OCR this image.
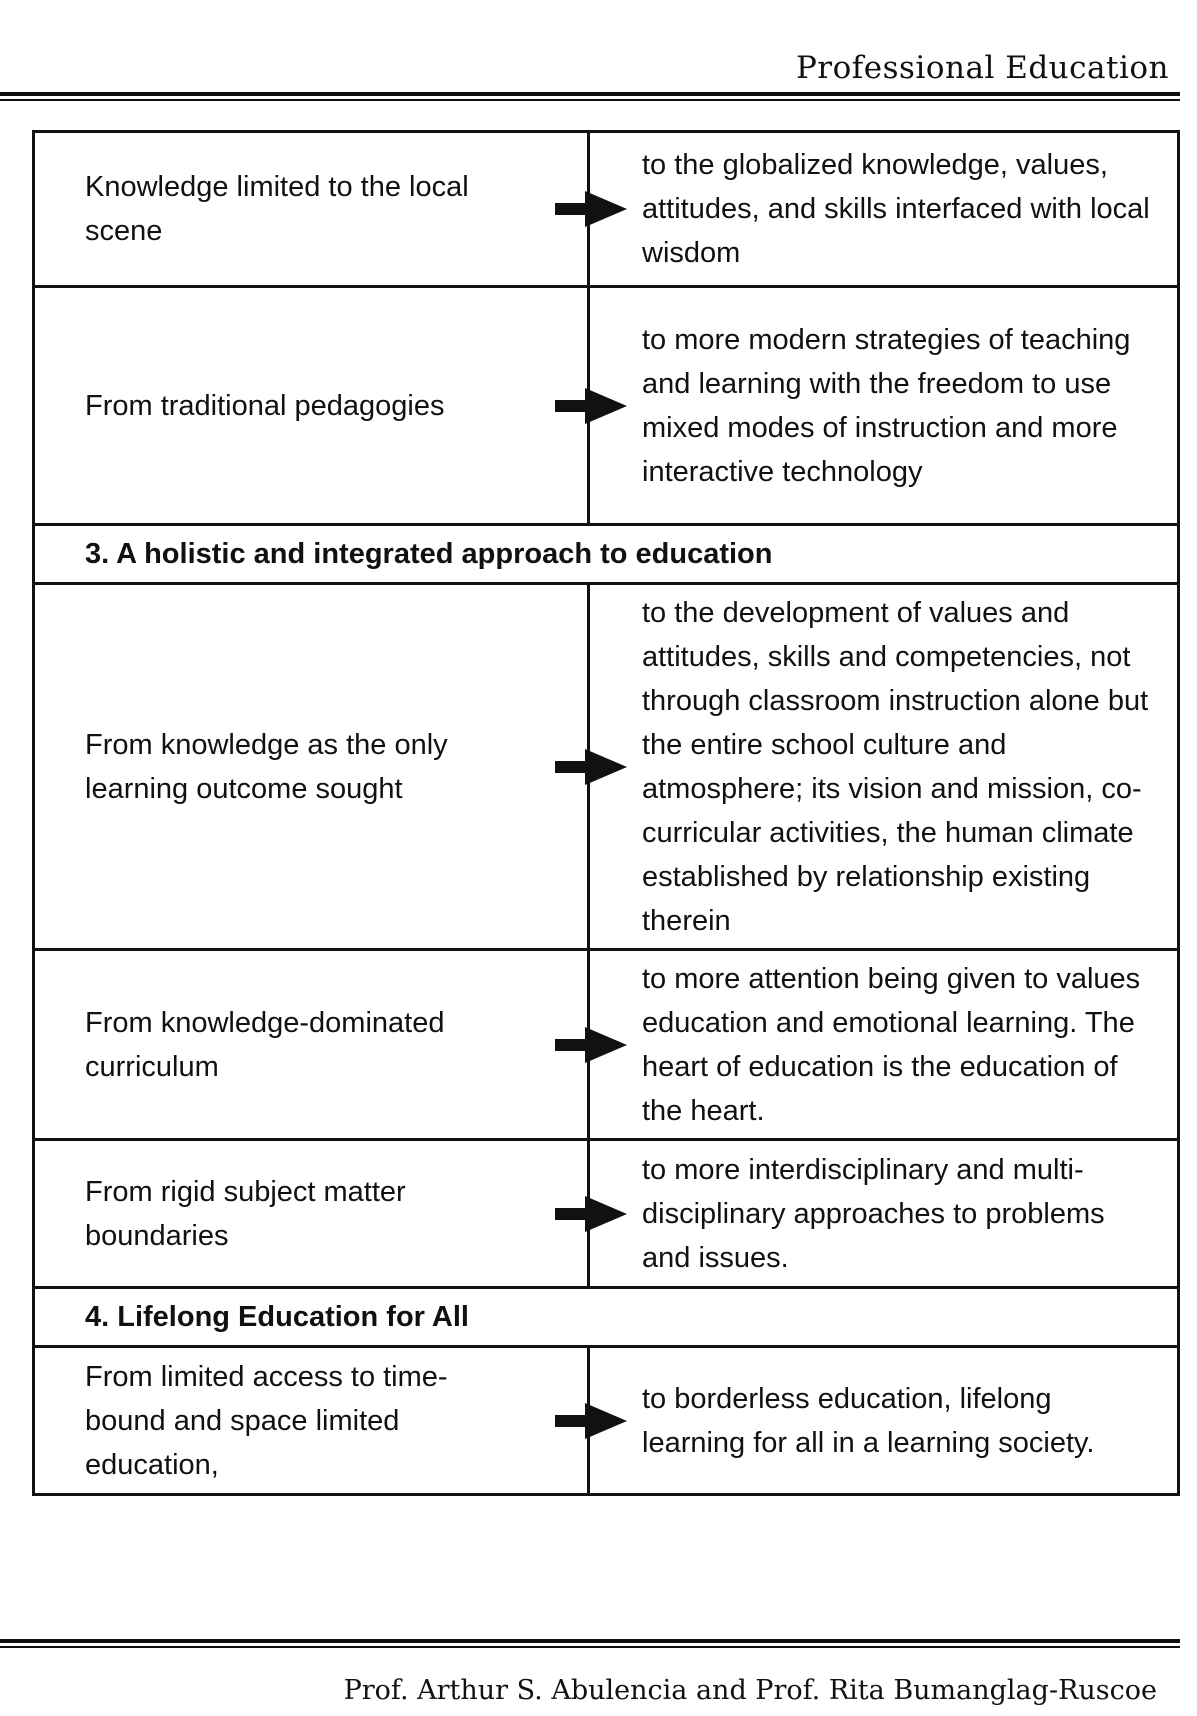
Professional Education
Knowledge limited to the local scene
to the globalized knowledge, values, attitudes, and skills interfaced with local wisdom
From traditional pedagogies
to more modern strategies of teaching and learning with the freedom to use mixed modes of instruction and more interactive technology
3. A holistic and integrated approach to education
From knowledge as the only learning outcome sought
to the development of values and attitudes, skills and competencies, not through classroom instruction alone but the entire school culture and atmosphere; its vision and mission, co-curricular activities, the human climate established by relationship existing therein
From knowledge-dominated curriculum
to more attention being given to values education and emotional learning. The heart of education is the education of the heart.
From rigid subject matter boundaries
to more interdisciplinary and multi-disciplinary approaches to problems and issues.
4. Lifelong Education for All
From limited access to time-bound and space limited education,
to borderless education, lifelong learning for all in a learning society.
Prof. Arthur S. Abulencia and Prof. Rita Bumanglag-Ruscoe
